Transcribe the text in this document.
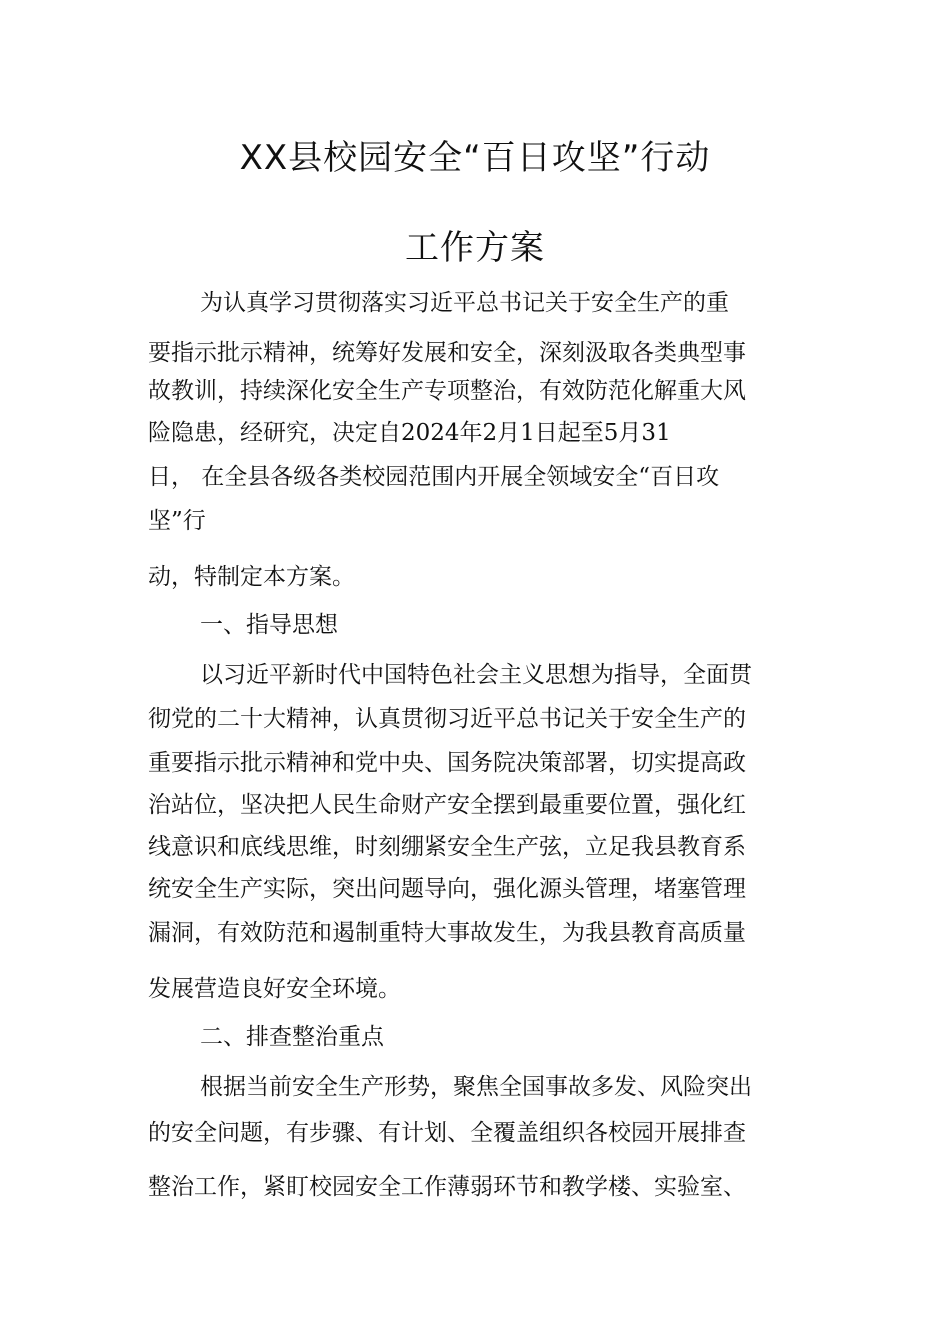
XX县校园安全“百日攻坚”行动
工作方案

为认真学习贯彻落实习近平总书记关于安全生产的重

要指示批示精神，统筹好发展和安全，深刻汲取各类典型事

故教训，持续深化安全生产专项整治，有效防范化解重大风

险隐患，经研究，决定自2024年2月1日起至5月31

日， 在全县各级各类校园范围内开展全领域安全“百日攻

坚”行

动，特制定本方案。

一、指导思想

以习近平新时代中国特色社会主义思想为指导，全面贯

彻党的二十大精神，认真贯彻习近平总书记关于安全生产的

重要指示批示精神和党中央、国务院决策部署，切实提高政

治站位，坚决把人民生命财产安全摆到最重要位置，强化红

线意识和底线思维，时刻绷紧安全生产弦，立足我县教育系

统安全生产实际，突出问题导向，强化源头管理，堵塞管理

漏洞，有效防范和遏制重特大事故发生，为我县教育高质量

发展营造良好安全环境。

二、排查整治重点

根据当前安全生产形势，聚焦全国事故多发、风险突出

的安全问题，有步骤、有计划、全覆盖组织各校园开展排查

整治工作，紧盯校园安全工作薄弱环节和教学楼、实验室、
